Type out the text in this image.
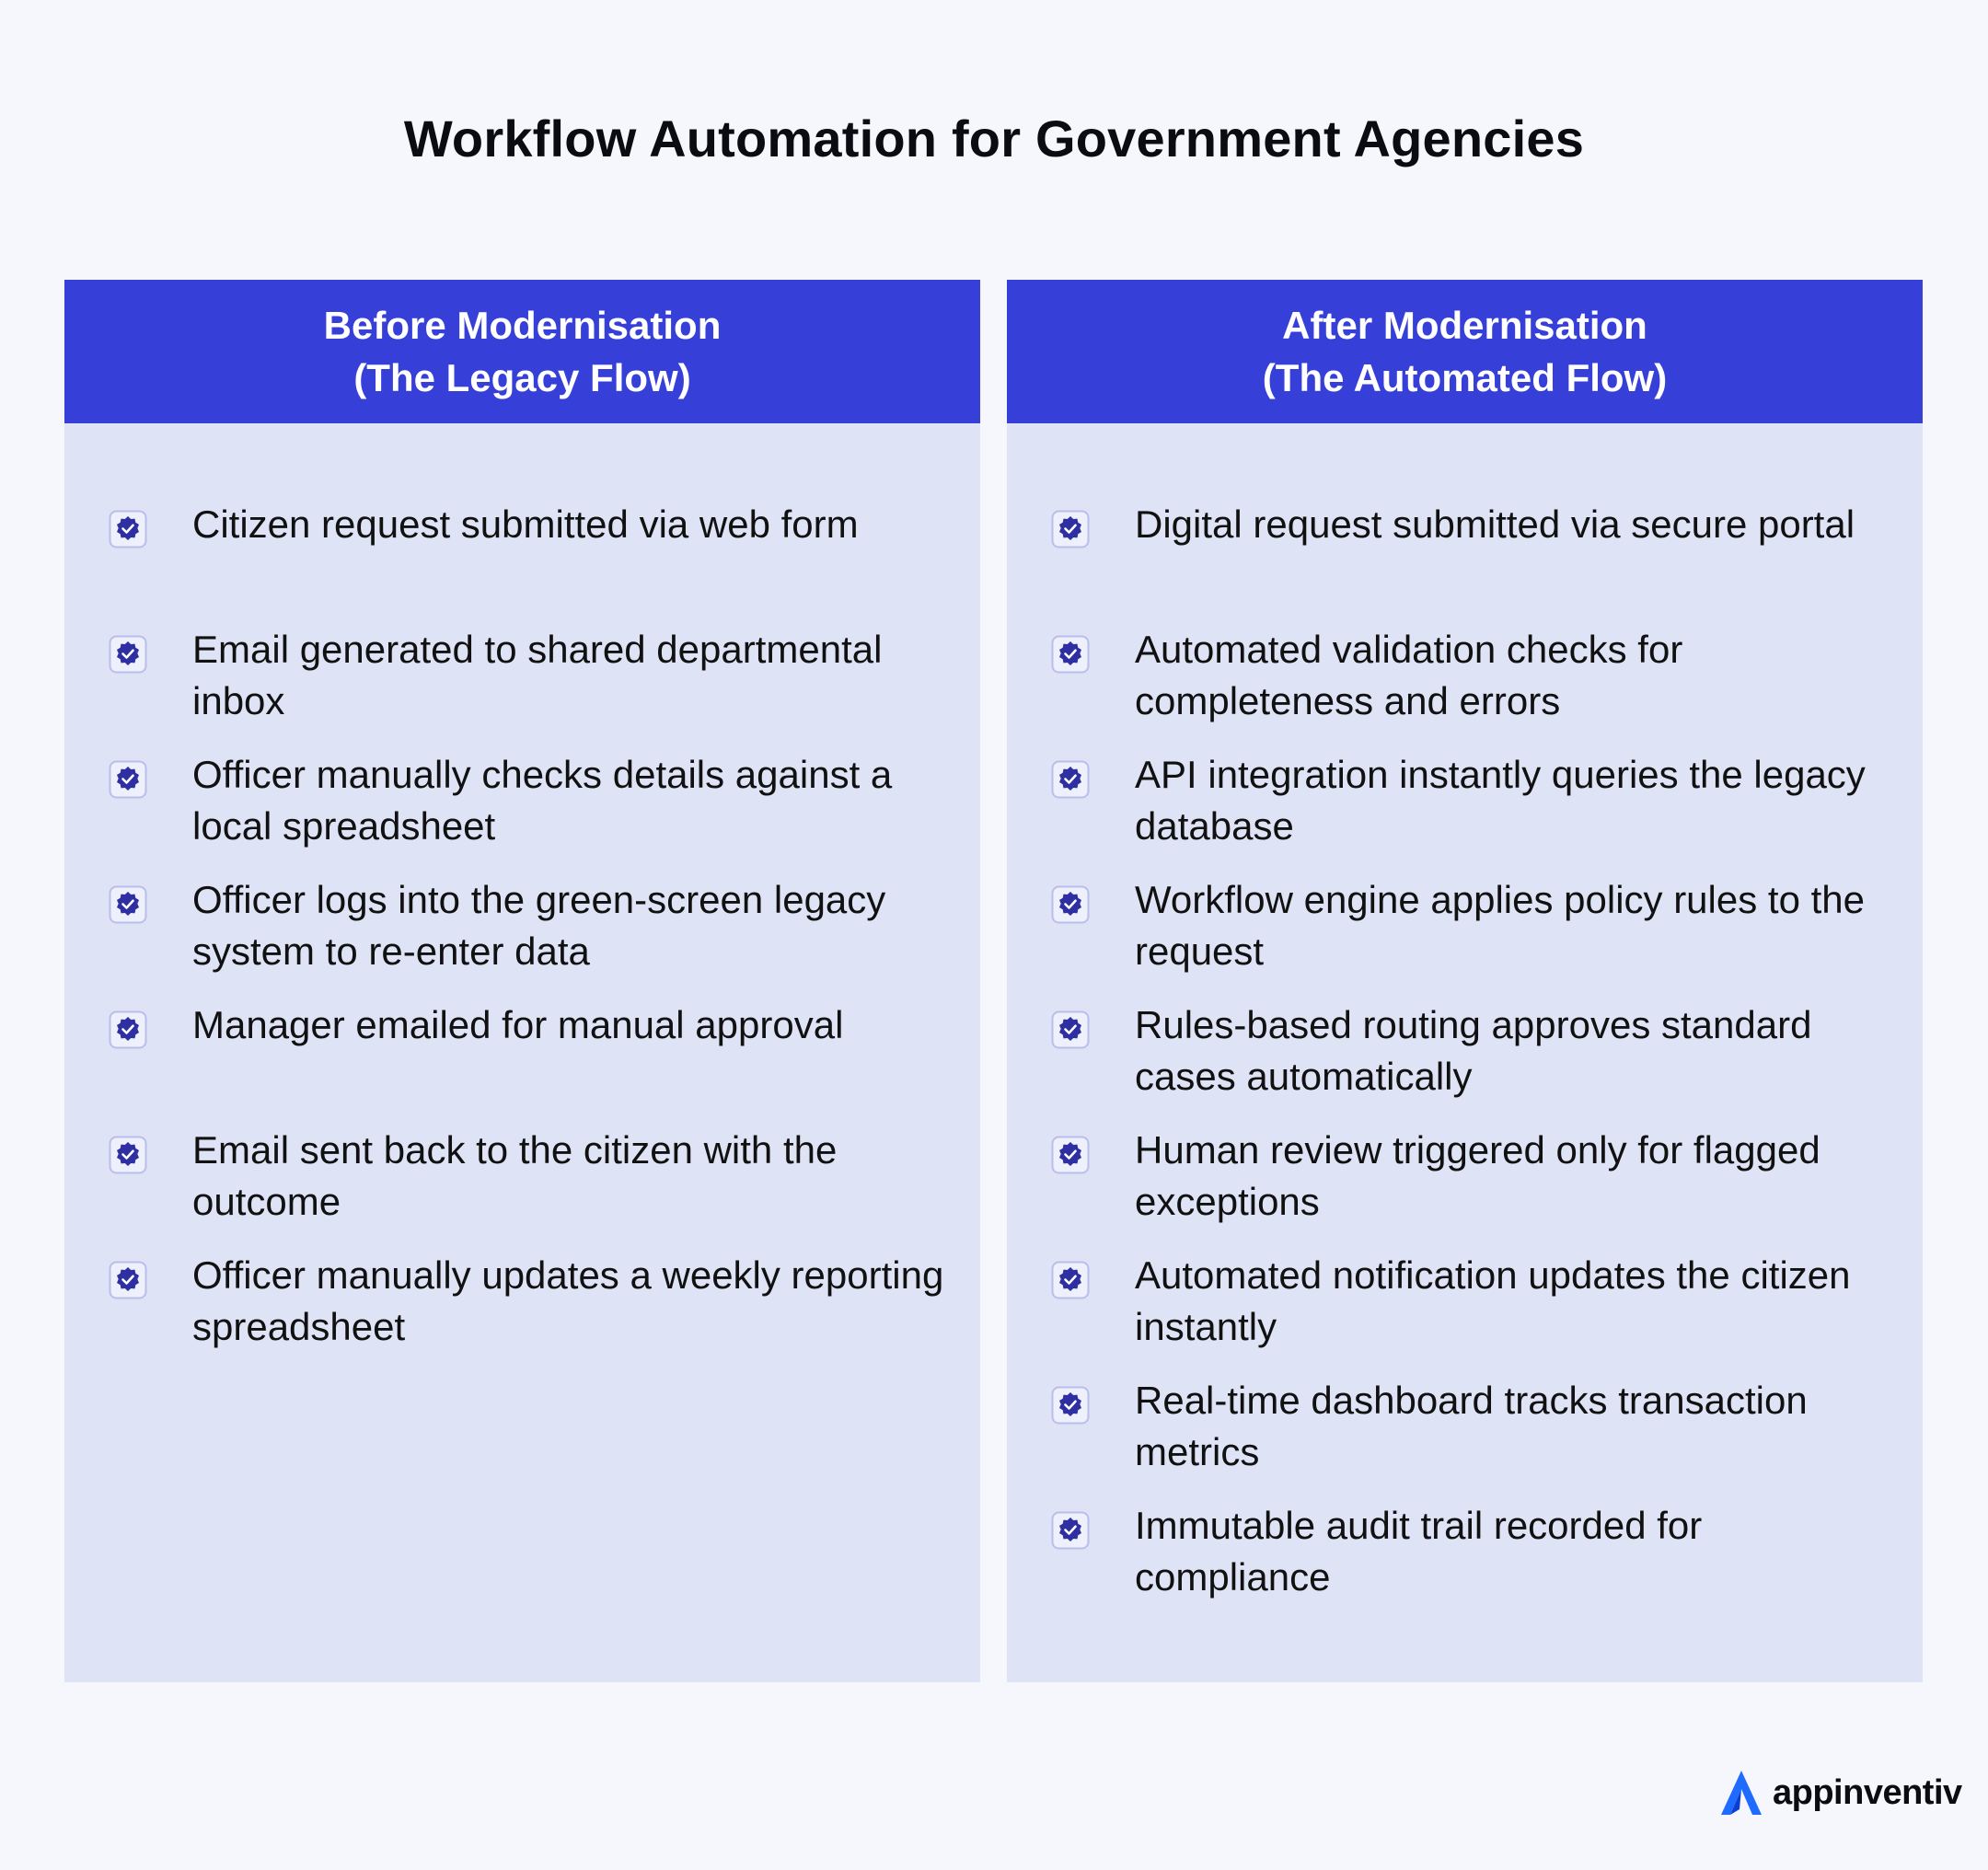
Workflow Automation for Government Agencies
Before Modernisation
(The Legacy Flow)
Citizen request submitted via web form
Email generated to shared departmental inbox
Officer manually checks details against a local spreadsheet
Officer logs into the green-screen legacy system to re-enter data
Manager emailed for manual approval
Email sent back to the citizen with the outcome
Officer manually updates a weekly reporting spreadsheet
After Modernisation
(The Automated Flow)
Digital request submitted via secure portal
Automated validation checks for completeness and errors
API integration instantly queries the legacy database
Workflow engine applies policy rules to the request
Rules-based routing approves standard cases automatically
Human review triggered only for flagged exceptions
Automated notification updates the citizen instantly
Real-time dashboard tracks transaction metrics
Immutable audit trail recorded for compliance
appinventiv
